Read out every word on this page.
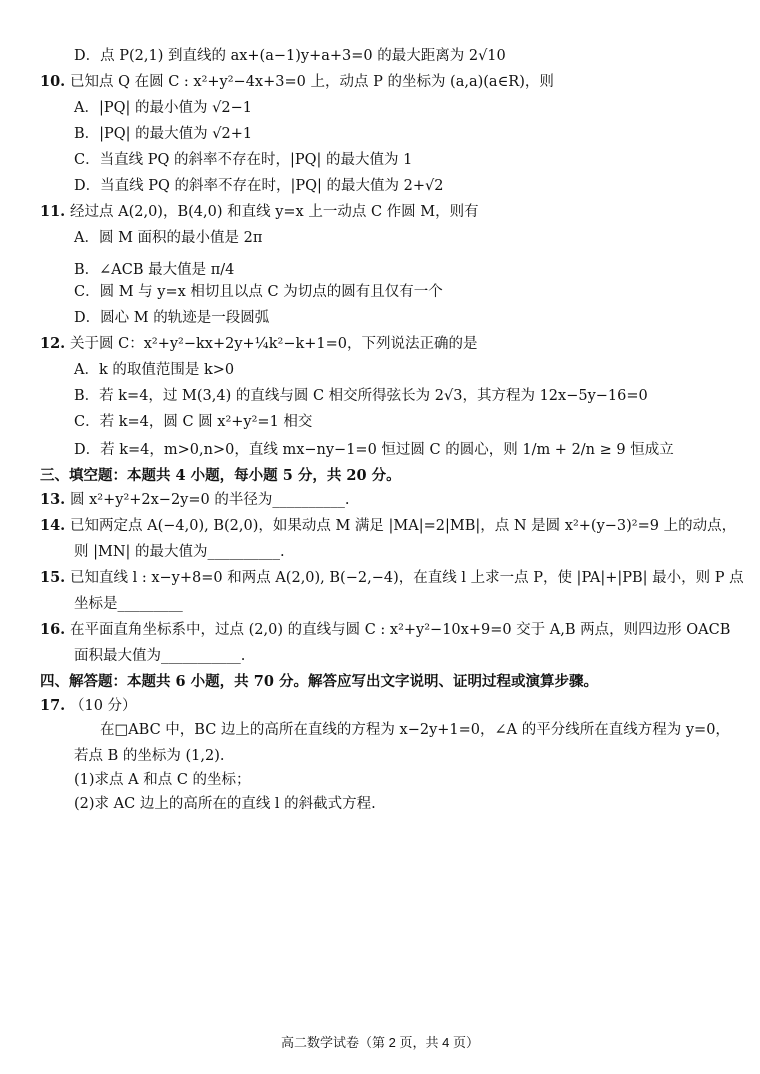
D．点 P(2,1) 到直线的 ax+(a−1)y+a+3=0 的最大距离为 2√10
10. 已知点 Q 在圆 C : x²+y²−4x+3=0 上，动点 P 的坐标为 (a,a)(a∈R)，则
A．|PQ| 的最小值为 √2−1
B．|PQ| 的最大值为 √2+1
C．当直线 PQ 的斜率不存在时，|PQ| 的最大值为 1
D．当直线 PQ 的斜率不存在时，|PQ| 的最大值为 2+√2
11. 经过点 A(2,0)，B(4,0) 和直线 y=x 上一动点 C 作圆 M，则有
A．圆 M 面积的最小值是 2π
B．∠ACB 最大值是 π/4
C．圆 M 与 y=x 相切且以点 C 为切点的圆有且仅有一个
D．圆心 M 的轨迹是一段圆弧
12. 关于圆 C：x²+y²−kx+2y+¼k²−k+1=0，下列说法正确的是
A．k 的取值范围是 k>0
B．若 k=4，过 M(3,4) 的直线与圆 C 相交所得弦长为 2√3，其方程为 12x−5y−16=0
C．若 k=4，圆 C 圆 x²+y²=1 相交
D．若 k=4，m>0,n>0，直线 mx−ny−1=0 恒过圆 C 的圆心，则 1/m + 2/n ≥ 9 恒成立
三、填空题：本题共 4 小题，每小题 5 分，共 20 分。
13. 圆 x²+y²+2x−2y=0 的半径为__________.
14. 已知两定点 A(−4,0), B(2,0)，如果动点 M 满足 |MA|=2|MB|，点 N 是圆 x²+(y−3)²=9 上的动点，
则 |MN| 的最大值为__________.
15. 已知直线 l : x−y+8=0 和两点 A(2,0), B(−2,−4)，在直线 l 上求一点 P，使 |PA|+|PB| 最小，则 P 点
坐标是_________
16. 在平面直角坐标系中，过点 (2,0) 的直线与圆 C : x²+y²−10x+9=0 交于 A,B 两点，则四边形 OACB
面积最大值为___________.
四、解答题：本题共 6 小题，共 70 分。解答应写出文字说明、证明过程或演算步骤。
17. （10 分）
在□ABC 中，BC 边上的高所在直线的方程为 x−2y+1=0，∠A 的平分线所在直线方程为 y=0，
若点 B 的坐标为 (1,2).
(1)求点 A 和点 C 的坐标；
(2)求 AC 边上的高所在的直线 l 的斜截式方程.
高二数学试卷（第 2 页，共 4 页）
